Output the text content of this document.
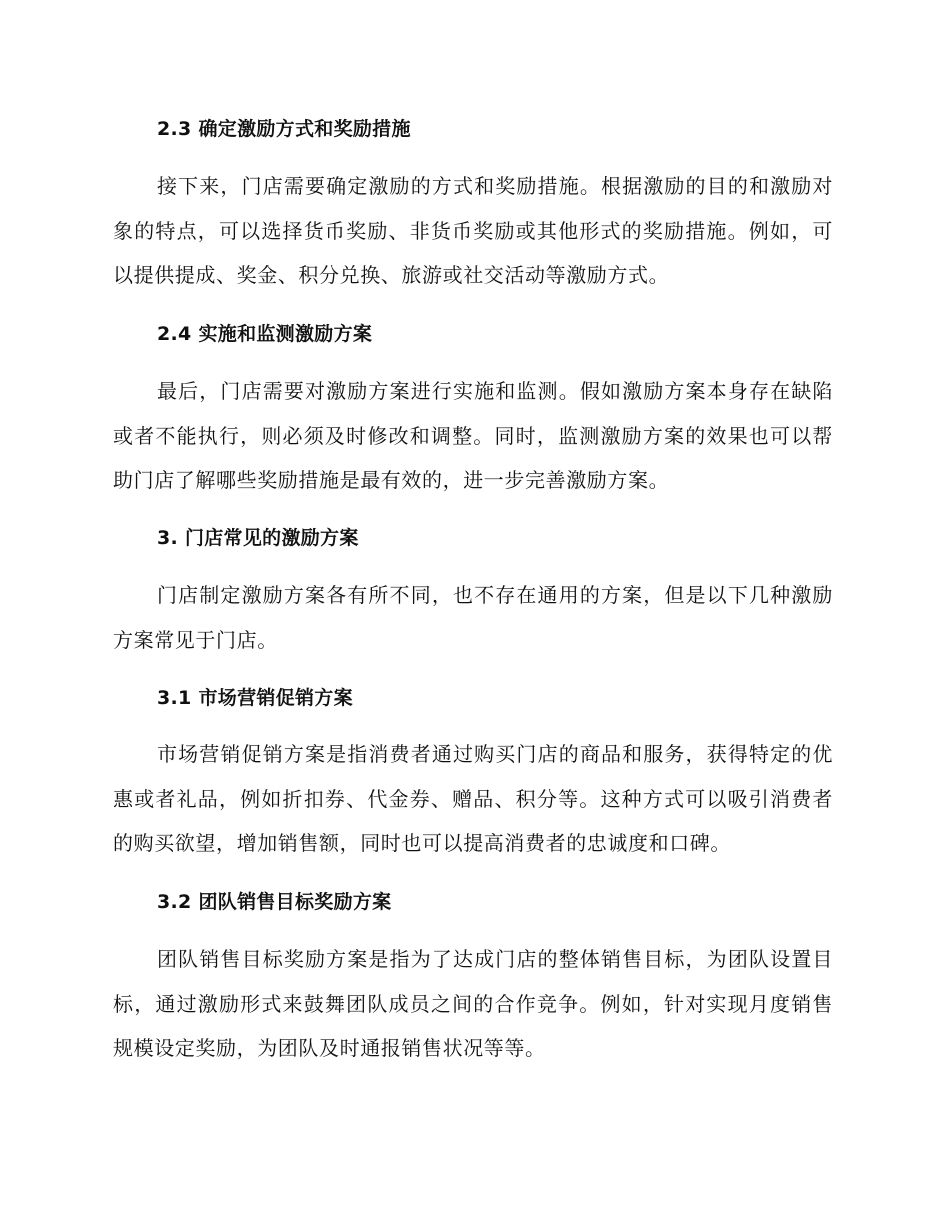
2.3 确定激励方式和奖励措施
接下来，门店需要确定激励的方式和奖励措施。根据激励的目的和激励对象的特点，可以选择货币奖励、非货币奖励或其他形式的奖励措施。例如，可以提供提成、奖金、积分兑换、旅游或社交活动等激励方式。
2.4 实施和监测激励方案
最后，门店需要对激励方案进行实施和监测。假如激励方案本身存在缺陷或者不能执行，则必须及时修改和调整。同时，监测激励方案的效果也可以帮助门店了解哪些奖励措施是最有效的，进一步完善激励方案。
3. 门店常见的激励方案
门店制定激励方案各有所不同，也不存在通用的方案，但是以下几种激励方案常见于门店。
3.1 市场营销促销方案
市场营销促销方案是指消费者通过购买门店的商品和服务，获得特定的优惠或者礼品，例如折扣券、代金券、赠品、积分等。这种方式可以吸引消费者的购买欲望，增加销售额，同时也可以提高消费者的忠诚度和口碑。
3.2 团队销售目标奖励方案
团队销售目标奖励方案是指为了达成门店的整体销售目标，为团队设置目标，通过激励形式来鼓舞团队成员之间的合作竞争。例如，针对实现月度销售规模设定奖励，为团队及时通报销售状况等等。
